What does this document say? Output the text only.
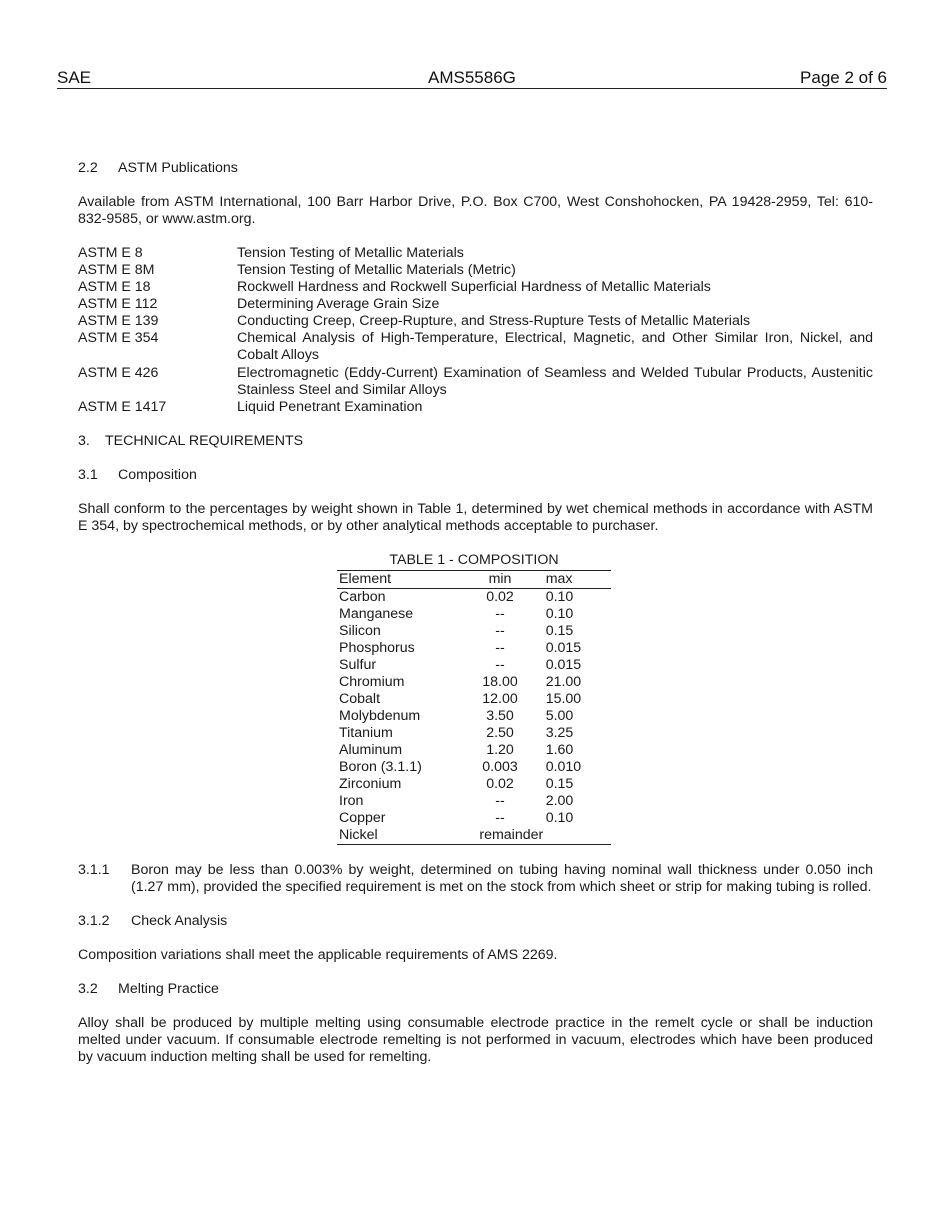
SAE	AMS5586G	Page 2 of 6
2.2	ASTM Publications

Available from ASTM International, 100 Barr Harbor Drive, P.O. Box C700, West Conshohocken, PA 19428-2959, Tel: 610-832-9585, or www.astm.org.

ASTM E 8	Tension Testing of Metallic Materials
ASTM E 8M	Tension Testing of Metallic Materials (Metric)
ASTM E 18	Rockwell Hardness and Rockwell Superficial Hardness of Metallic Materials
ASTM E 112	Determining Average Grain Size
ASTM E 139	Conducting Creep, Creep-Rupture, and Stress-Rupture Tests of Metallic Materials
ASTM E 354	Chemical Analysis of High-Temperature, Electrical, Magnetic, and Other Similar Iron, Nickel, and Cobalt Alloys
ASTM E 426	Electromagnetic (Eddy-Current) Examination of Seamless and Welded Tubular Products, Austenitic Stainless Steel and Similar Alloys
ASTM E 1417	Liquid Penetrant Examination
3.	TECHNICAL REQUIREMENTS
3.1	Composition

Shall conform to the percentages by weight shown in Table 1, determined by wet chemical methods in accordance with ASTM E 354, by spectrochemical methods, or by other analytical methods acceptable to purchaser.

TABLE 1 - COMPOSITION
Element	min	max
Carbon	0.02	0.10
Manganese	--	0.10
Silicon	--	0.15
Phosphorus	--	0.015
Sulfur	--	0.015
Chromium	18.00	21.00
Cobalt	12.00	15.00
Molybdenum	3.50	5.00
Titanium	2.50	3.25
Aluminum	1.20	1.60
Boron (3.1.1)	0.003	0.010
Zirconium	0.02	0.15
Iron	--	2.00
Copper	--	0.10
Nickel	remainder	
3.1.1	Boron may be less than 0.003% by weight, determined on tubing having nominal wall thickness under 0.050 inch (1.27 mm), provided the specified requirement is met on the stock from which sheet or strip for making tubing is rolled.

3.1.2	Check Analysis

Composition variations shall meet the applicable requirements of AMS 2269.

3.2	Melting Practice

Alloy shall be produced by multiple melting using consumable electrode practice in the remelt cycle or shall be induction melted under vacuum. If consumable electrode remelting is not performed in vacuum, electrodes which have been produced by vacuum induction melting shall be used for remelting.
